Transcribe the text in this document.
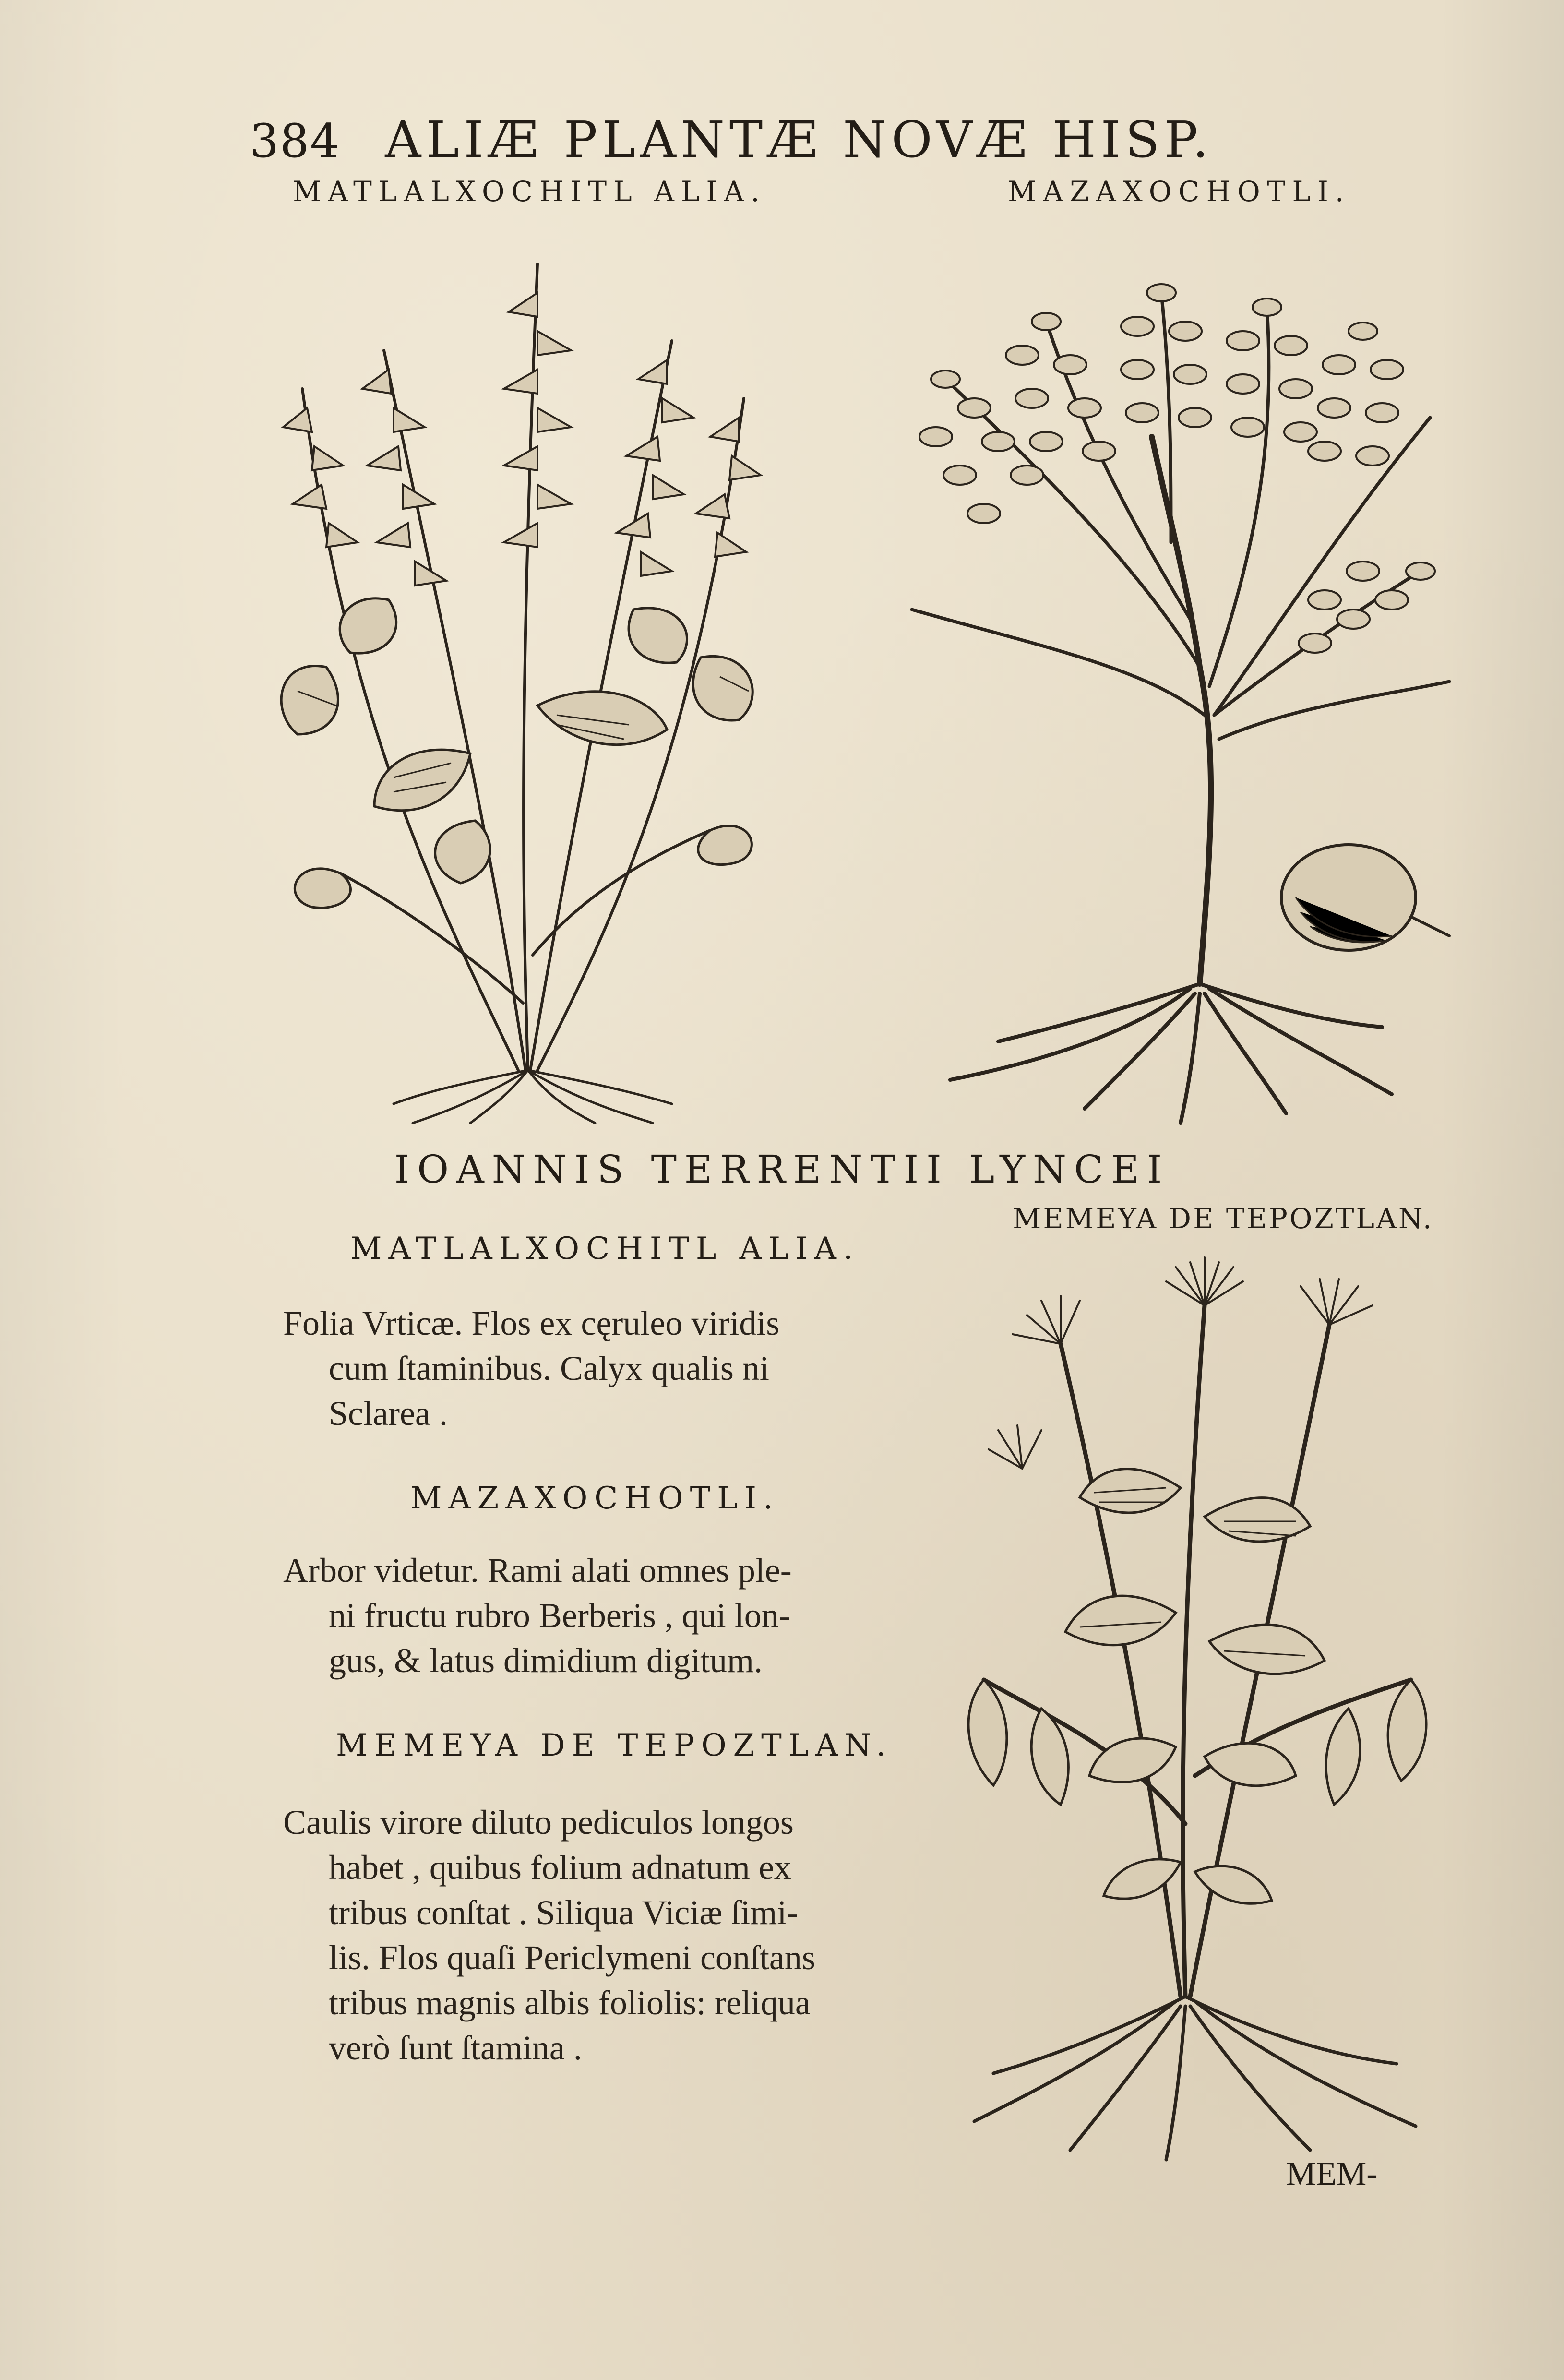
384 ALIÆ PLANTÆ NOVÆ HISP.
MATLALXOCHITL ALIA.	MAZAXOCHOTLI.
IOANNIS TERRENTII LYNCEI
MEMEYA DE TEPOZTLAN.
MATLALXOCHITL ALIA.

Folia Vrticæ. Flos ex cęruleo viridis

cum ſtaminibus. Calyx qualis ni

Sclarea .

MAZAXOCHOTLI.

Arbor videtur. Rami alati omnes ple-

ni fructu rubro Berberis , qui lon-

gus, & latus dimidium digitum.

MEMEYA DE TEPOZTLAN.

Caulis virore diluto pediculos longos

habet , quibus folium adnatum ex

tribus conſtat . Siliqua Viciæ ſimi-

lis. Flos quaſi Periclymeni conſtans

tribus magnis albis foliolis: reliqua

verò ſunt ſtamina .

MEM-
